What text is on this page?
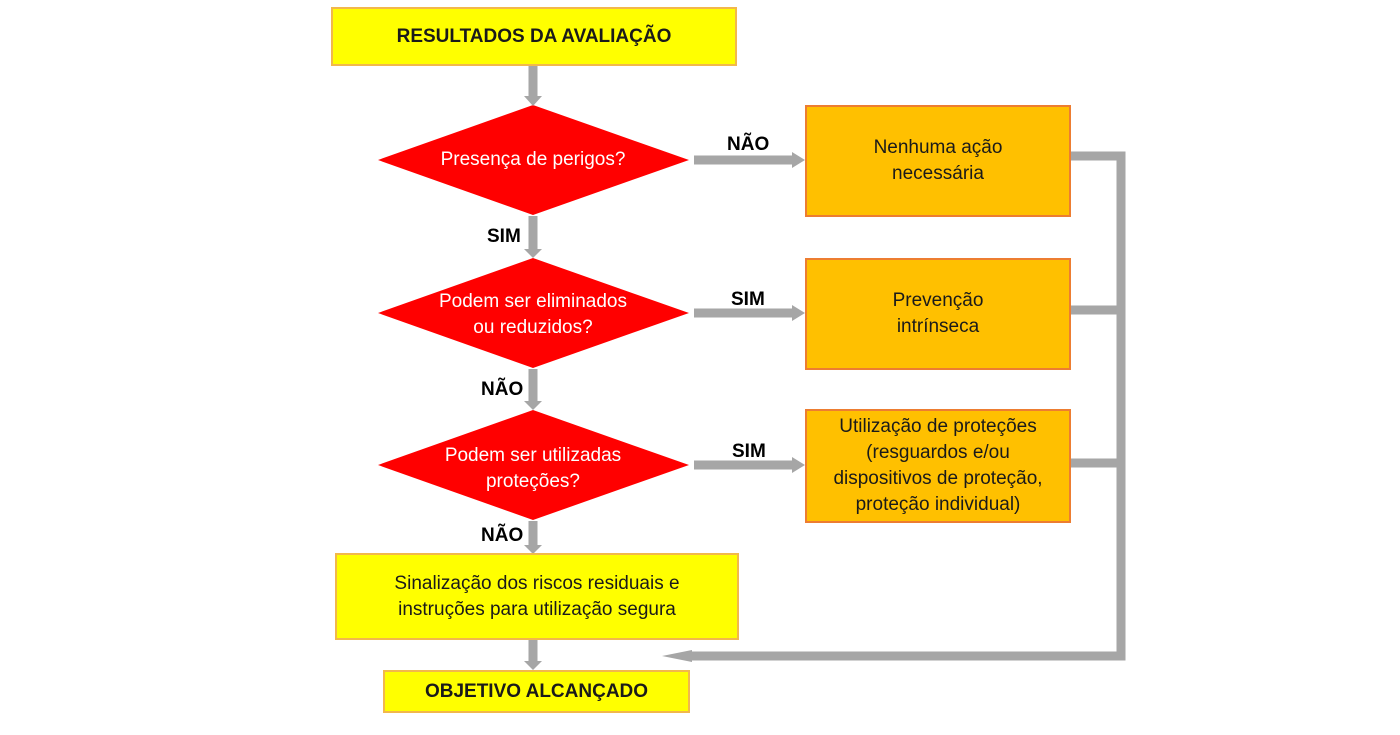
RESULTADOS DA AVALIAÇÃO
Presença de perigos?
Podem ser eliminados
ou reduzidos?
Podem ser utilizadas
proteções?
NÃO
SIM
SIM
NÃO
SIM
NÃO
Nenhuma ação
necessária
Prevenção
intrínseca
Utilização de proteções
(resguardos e/ou
dispositivos de proteção,
proteção individual)
Sinalização dos riscos residuais e
instruções para utilização segura
OBJETIVO ALCANÇADO
